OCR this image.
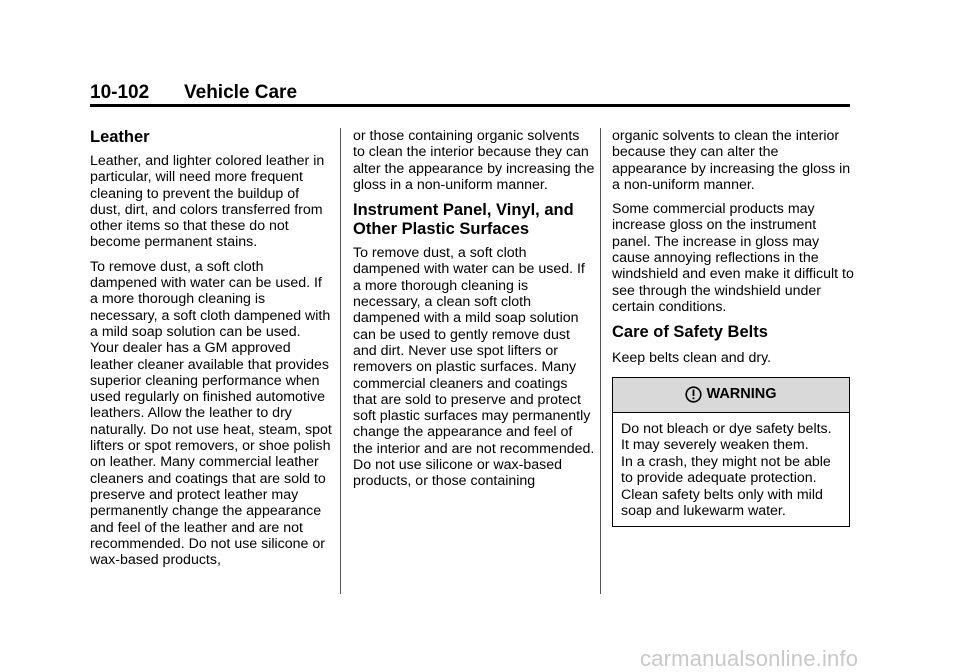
10-102 Vehicle Care
Leather

Leather, and lighter colored leather in particular, will need more frequent cleaning to prevent the buildup of dust, dirt, and colors transferred from other items so that these do not become permanent stains.

To remove dust, a soft cloth dampened with water can be used. If a more thorough cleaning is necessary, a soft cloth dampened with a mild soap solution can be used. Your dealer has a GM approved leather cleaner available that provides superior cleaning performance when used regularly on finished automotive leathers. Allow the leather to dry naturally. Do not use heat, steam, spot lifters or spot removers, or shoe polish on leather. Many commercial leather cleaners and coatings that are sold to preserve and protect leather may permanently change the appearance and feel of the leather and are not recommended. Do not use silicone or wax-based products,

or those containing organic solvents to clean the interior because they can alter the appearance by increasing the gloss in a non-uniform manner.

Instrument Panel, Vinyl, and Other Plastic Surfaces

To remove dust, a soft cloth dampened with water can be used. If a more thorough cleaning is necessary, a clean soft cloth dampened with a mild soap solution can be used to gently remove dust and dirt. Never use spot lifters or removers on plastic surfaces. Many commercial cleaners and coatings that are sold to preserve and protect soft plastic surfaces may permanently change the appearance and feel of the interior and are not recommended. Do not use silicone or wax-based products, or those containing

organic solvents to clean the interior because they can alter the appearance by increasing the gloss in a non-uniform manner.

Some commercial products may increase gloss on the instrument panel. The increase in gloss may cause annoying reflections in the windshield and even make it difficult to see through the windshield under certain conditions.

Care of Safety Belts

Keep belts clean and dry.

WARNING

Do not bleach or dye safety belts.

It may severely weaken them.

In a crash, they might not be able

to provide adequate protection.

Clean safety belts only with mild

soap and lukewarm water.

carmanualsonline.info
